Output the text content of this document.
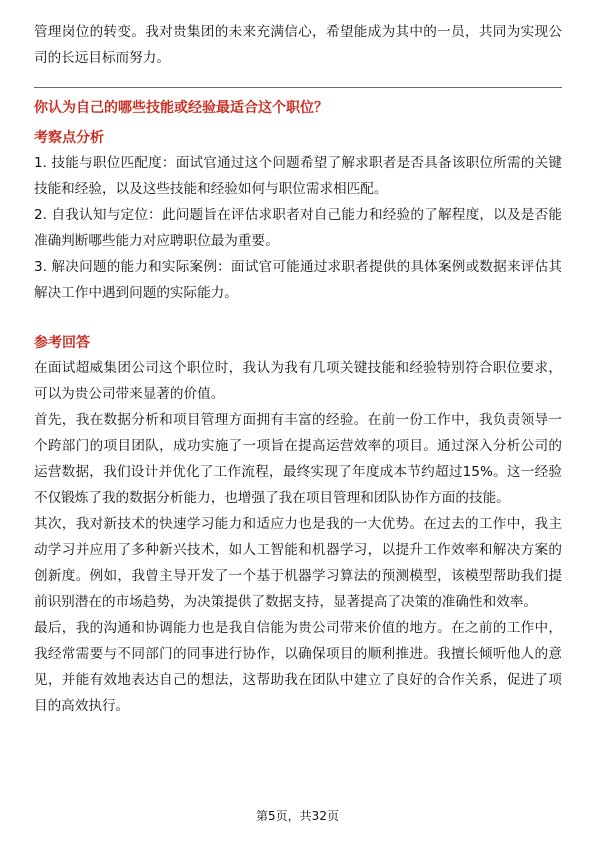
管理岗位的转变。我对贵集团的未来充满信心，希望能成为其中的一员，共同为实现公司的长远目标而努力。

你认为自己的哪些技能或经验最适合这个职位？

考察点分析

1. 技能与职位匹配度：面试官通过这个问题希望了解求职者是否具备该职位所需的关键技能和经验，以及这些技能和经验如何与职位需求相匹配。

2. 自我认知与定位：此问题旨在评估求职者对自己能力和经验的了解程度，以及是否能准确判断哪些能力对应聘职位最为重要。

3. 解决问题的能力和实际案例：面试官可能通过求职者提供的具体案例或数据来评估其解决工作中遇到问题的实际能力。

参考回答

在面试超威集团公司这个职位时，我认为我有几项关键技能和经验特别符合职位要求，可以为贵公司带来显著的价值。

首先，我在数据分析和项目管理方面拥有丰富的经验。在前一份工作中，我负责领导一个跨部门的项目团队，成功实施了一项旨在提高运营效率的项目。通过深入分析公司的运营数据，我们设计并优化了工作流程，最终实现了年度成本节约超过15%。这一经验不仅锻炼了我的数据分析能力，也增强了我在项目管理和团队协作方面的技能。

其次，我对新技术的快速学习能力和适应力也是我的一大优势。在过去的工作中，我主动学习并应用了多种新兴技术，如人工智能和机器学习，以提升工作效率和解决方案的创新度。例如，我曾主导开发了一个基于机器学习算法的预测模型，该模型帮助我们提前识别潜在的市场趋势，为决策提供了数据支持，显著提高了决策的准确性和效率。

最后，我的沟通和协调能力也是我自信能为贵公司带来价值的地方。在之前的工作中，我经常需要与不同部门的同事进行协作，以确保项目的顺利推进。我擅长倾听他人的意见，并能有效地表达自己的想法，这帮助我在团队中建立了良好的合作关系，促进了项目的高效执行。

第5页，共32页
